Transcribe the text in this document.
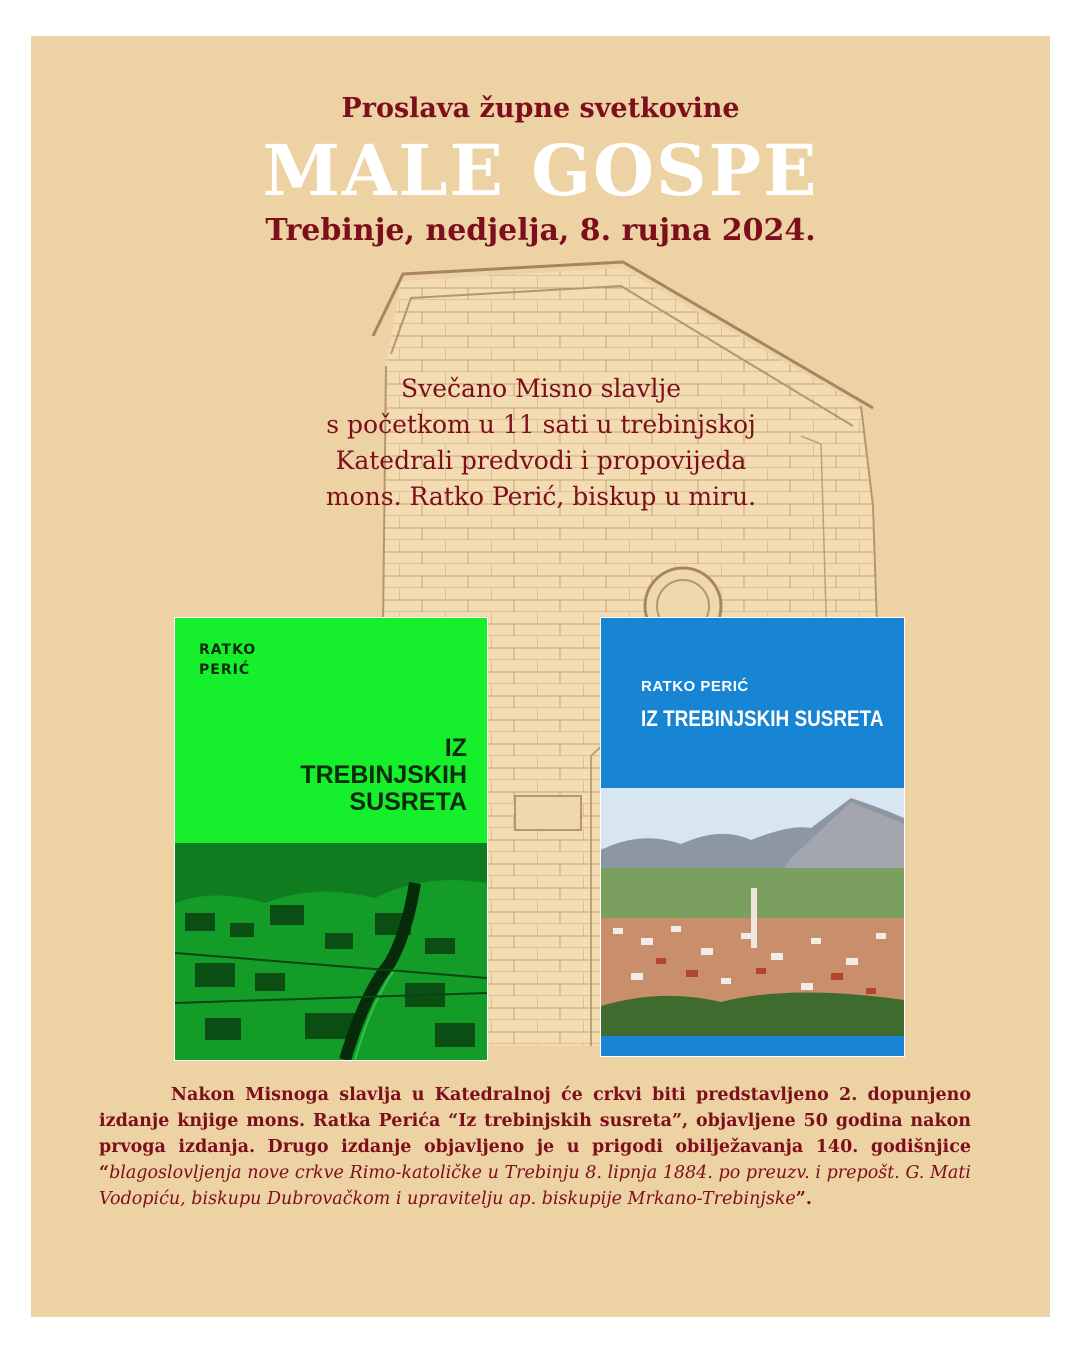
Proslava župne svetkovine
MALE GOSPE
Trebinje, nedjelja, 8. rujna 2024.
Svečano Misno slavlje
s početkom u 11 sati u trebinjskoj
Katedrali predvodi i propovijeda
mons. Ratko Perić, biskup u miru.
RATKO
PERIĆ
IZ
TREBINJSKIH
SUSRETA
RATKO PERIĆ
IZ TREBINJSKIH SUSRETA
Nakon Misnoga slavlja u Katedralnoj će crkvi biti predstavljeno 2. dopunjeno izdanje knjige mons. Ratka Perića “Iz trebinjskih susreta”, objavljene 50 godina nakon prvoga izdanja. Drugo izdanje objavljeno je u prigodi obilježavanja 140. godišnjice “blagoslovljenja nove crkve Rimo-katoličke u Trebinju 8. lipnja 1884. po preuzv. i prepošt. G. Mati Vodopiću, biskupu Dubrovačkom i upravitelju ap. biskupije Mrkano-Trebinjske”.
